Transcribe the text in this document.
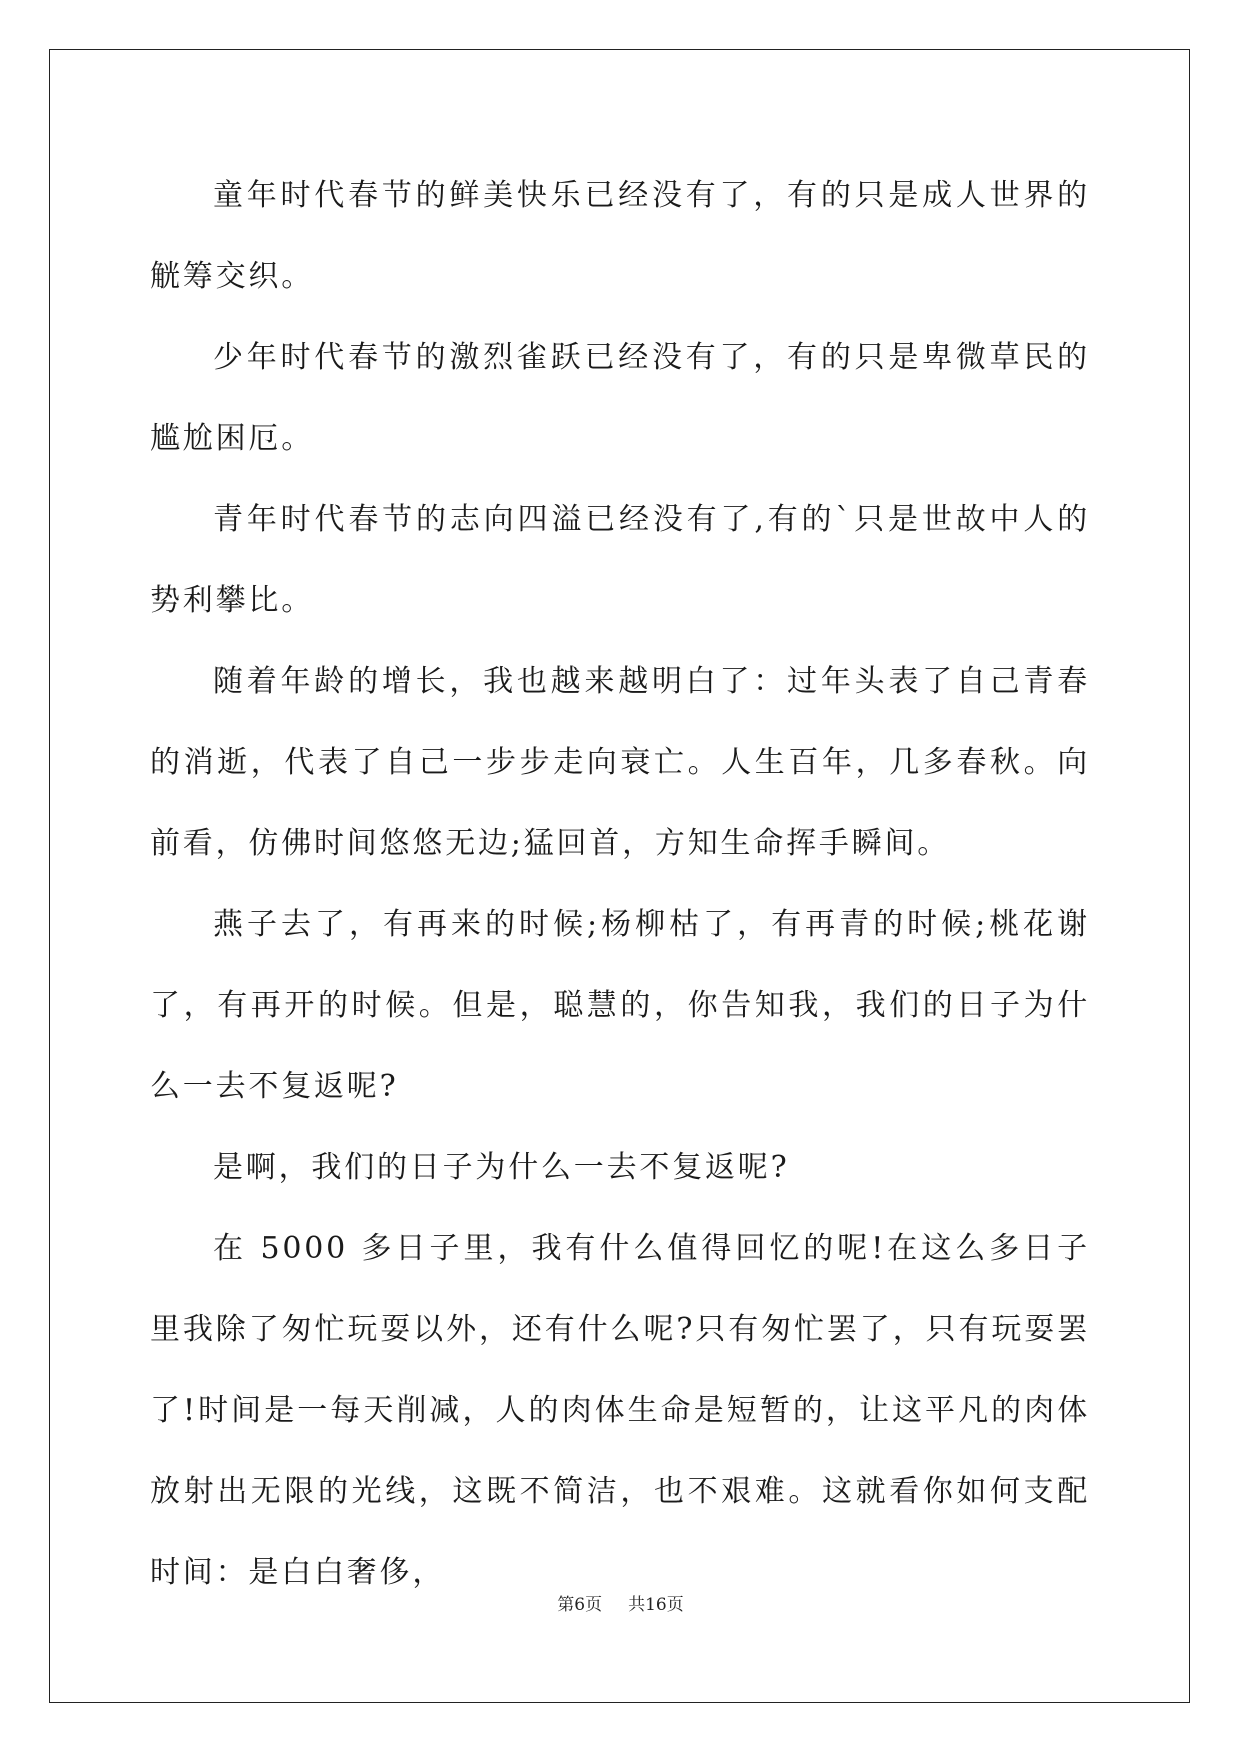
童年时代春节的鲜美快乐已经没有了，有的只是成人世界的觥筹交织。

少年时代春节的激烈雀跃已经没有了，有的只是卑微草民的尴尬困厄。

青年时代春节的志向四溢已经没有了,有的`只是世故中人的势利攀比。

随着年龄的增长，我也越来越明白了：过年头表了自己青春的消逝，代表了自己一步步走向衰亡。人生百年，几多春秋。向前看，仿佛时间悠悠无边;猛回首，方知生命挥手瞬间。

燕子去了，有再来的时候;杨柳枯了，有再青的时候;桃花谢了，有再开的时候。但是，聪慧的，你告知我，我们的日子为什么一去不复返呢?

是啊，我们的日子为什么一去不复返呢?

在 5000 多日子里，我有什么值得回忆的呢!在这么多日子里我除了匆忙玩耍以外，还有什么呢?只有匆忙罢了，只有玩耍罢了!时间是一每天削减，人的肉体生命是短暂的，让这平凡的肉体放射出无限的光线，这既不简洁，也不艰难。这就看你如何支配时间：是白白奢侈，

第6页 共16页
